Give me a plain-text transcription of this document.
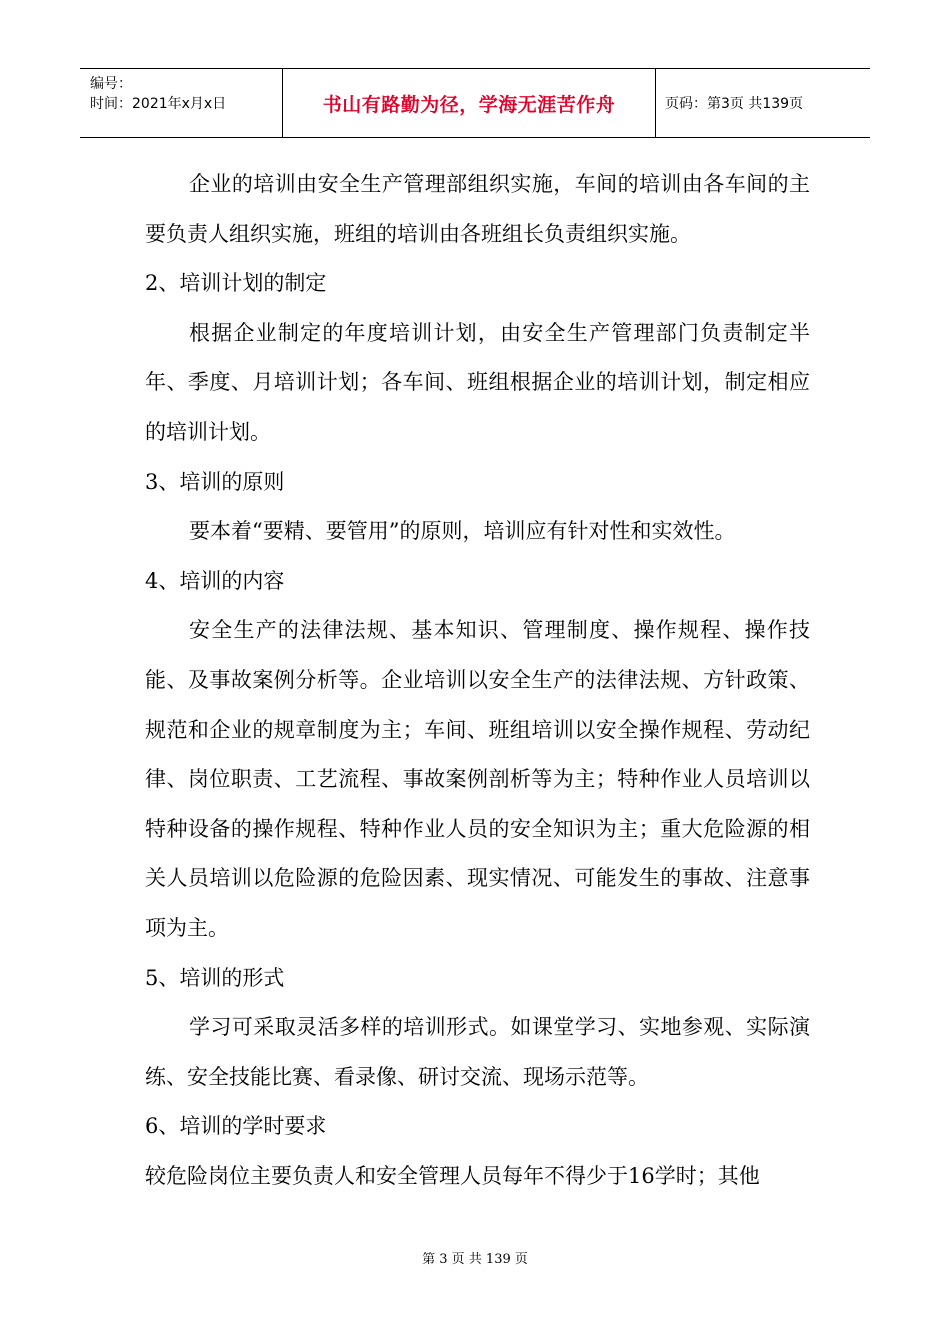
编号：
时间：2021年x月x日	书山有路勤为径，学海无涯苦作舟	页码：第3页 共139页

企业的培训由安全生产管理部组织实施，车间的培训由各车间的主要负责人组织实施，班组的培训由各班组长负责组织实施。

2、培训计划的制定

根据企业制定的年度培训计划，由安全生产管理部门负责制定半年、季度、月培训计划；各车间、班组根据企业的培训计划，制定相应的培训计划。

3、培训的原则

要本着“要精、要管用”的原则，培训应有针对性和实效性。

4、培训的内容

安全生产的法律法规、基本知识、管理制度、操作规程、操作技能、及事故案例分析等。企业培训以安全生产的法律法规、方针政策、规范和企业的规章制度为主；车间、班组培训以安全操作规程、劳动纪律、岗位职责、工艺流程、事故案例剖析等为主；特种作业人员培训以特种设备的操作规程、特种作业人员的安全知识为主；重大危险源的相关人员培训以危险源的危险因素、现实情况、可能发生的事故、注意事项为主。

5、培训的形式

学习可采取灵活多样的培训形式。如课堂学习、实地参观、实际演练、安全技能比赛、看录像、研讨交流、现场示范等。

6、培训的学时要求

较危险岗位主要负责人和安全管理人员每年不得少于16学时；其他

第 3 页 共 139 页
